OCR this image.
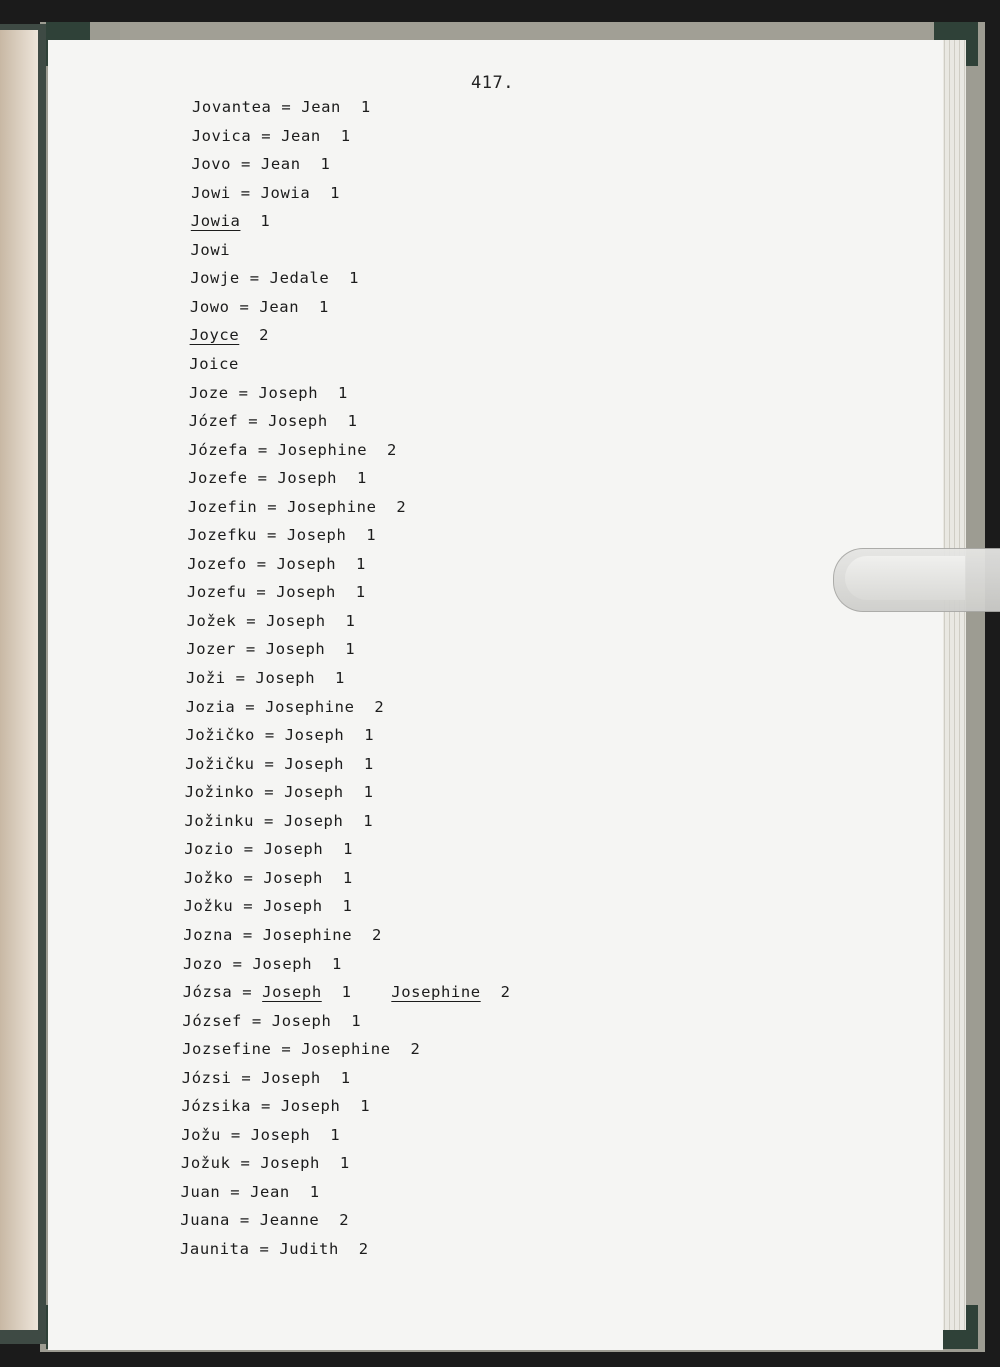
417.
Jovantea = Jean 1
Jovica = Jean 1
Jovo = Jean 1
Jowi = Jowia 1
Jowia 1
Jowi
Jowje = Jedale 1
Jowo = Jean 1
Joyce 2
Joice
Joze = Joseph 1
Józef = Joseph 1
Józefa = Josephine 2
Jozefe = Joseph 1
Jozefin = Josephine 2
Jozefku = Joseph 1
Jozefo = Joseph 1
Jozefu = Joseph 1
Jožek = Joseph 1
Jozer = Joseph 1
Joži = Joseph 1
Jozia = Josephine 2
Jožičko = Joseph 1
Jožičku = Joseph 1
Jožinko = Joseph 1
Jožinku = Joseph 1
Jozio = Joseph 1
Jožko = Joseph 1
Jožku = Joseph 1
Jozna = Josephine 2
Jozo = Joseph 1
Józsa = Joseph 1	Josephine 2
József = Joseph 1
Jozsefine = Josephine 2
Józsi = Joseph 1
Józsika = Joseph 1
Jožu = Joseph 1
Jožuk = Joseph 1
Juan = Jean 1
Juana = Jeanne 2
Jaunita = Judith 2
